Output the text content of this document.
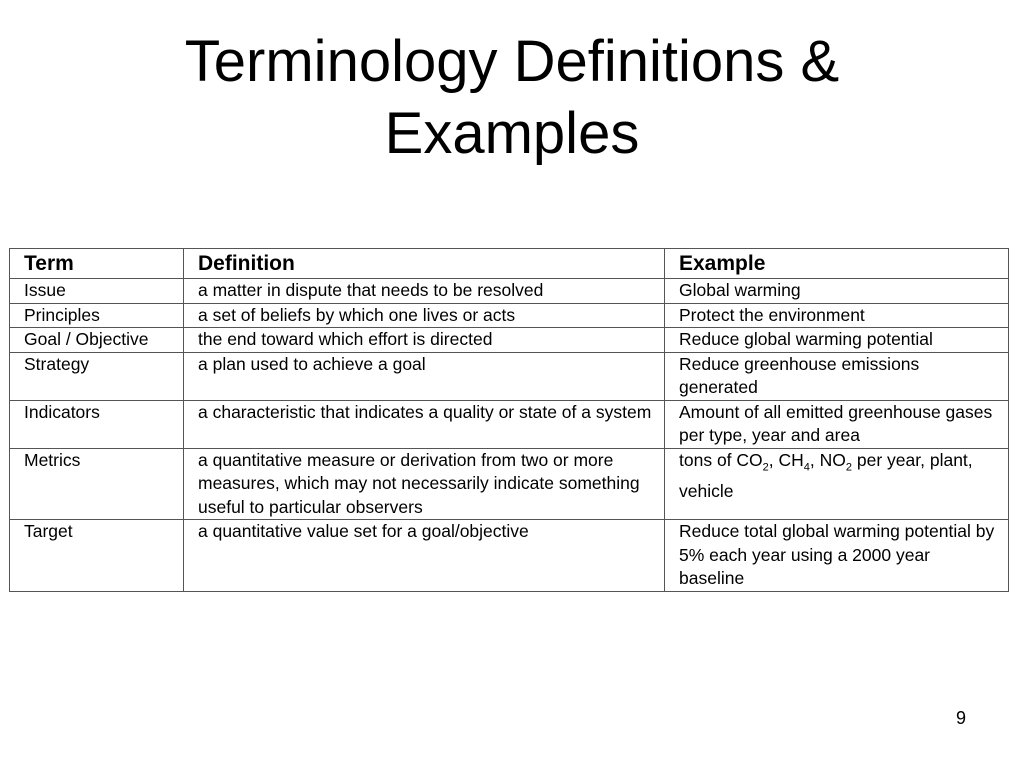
Terminology Definitions &
Examples
Term	Definition	Example
Issue	a matter in dispute that needs to be resolved	Global warming
Principles	a set of beliefs by which one lives or acts	Protect the environment
Goal / Objective	the end toward which effort is directed	Reduce global warming potential
Strategy	a plan used to achieve a goal	Reduce greenhouse emissions generated
Indicators	a characteristic that indicates a quality or state of a system	Amount of all emitted greenhouse gases per type, year and area
Metrics	a quantitative measure or derivation from two or more measures, which may not necessarily indicate something useful to particular observers	tons of $CO_2$, $CH_4$, $NO_2$ per year, plant, vehicle
Target	a quantitative value set for a goal/objective	Reduce total global warming potential by 5% each year using a 2000 year baseline
9
